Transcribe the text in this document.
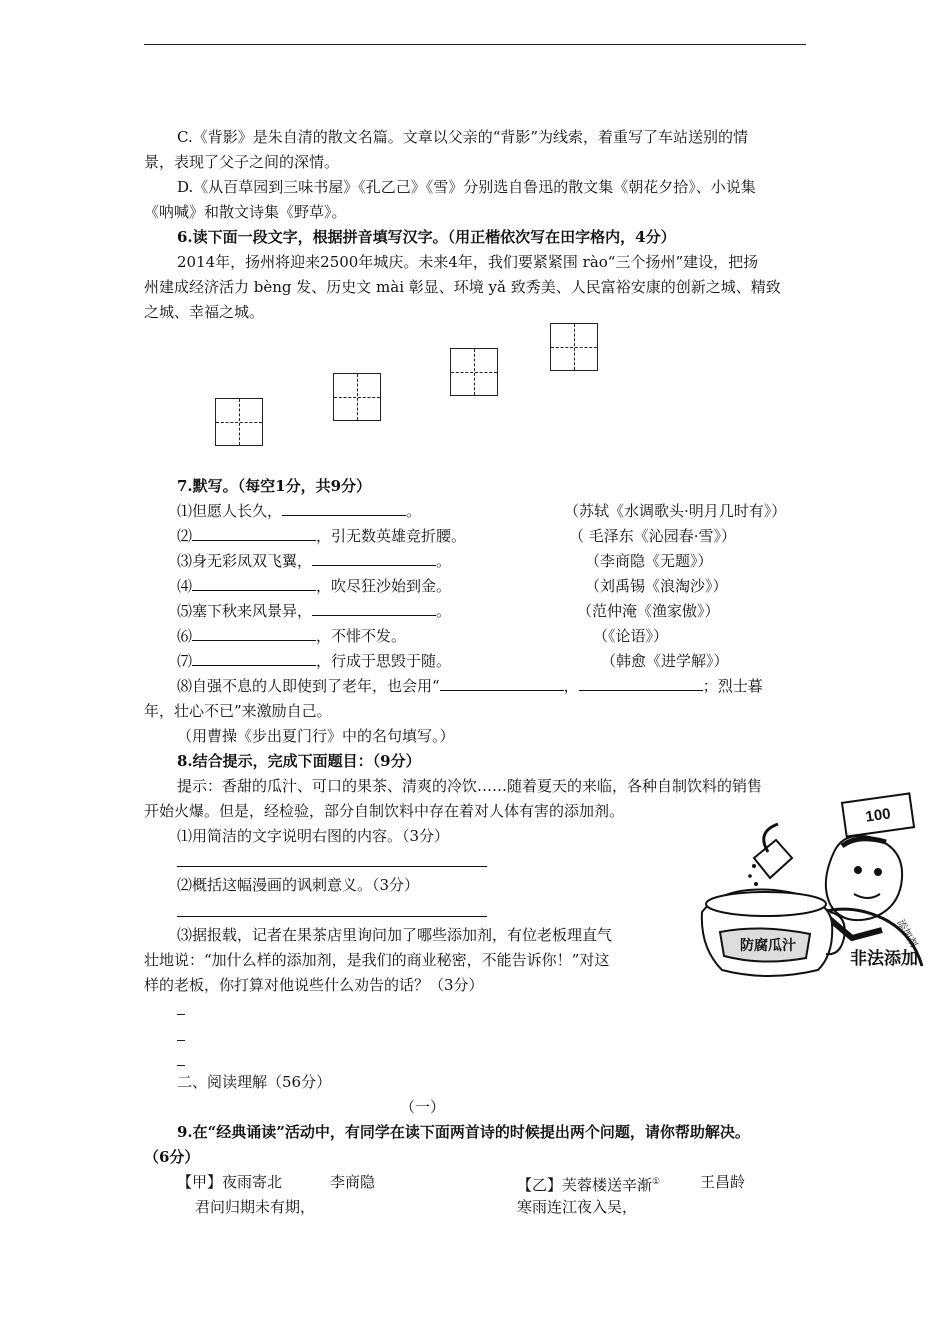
C.《背影》是朱自清的散文名篇。文章以父亲的“背影”为线索，着重写了车站送别的情
景，表现了父子之间的深情。
D.《从百草园到三味书屋》《孔乙己》《雪》分别选自鲁迅的散文集《朝花夕拾》、小说集
《呐喊》和散文诗集《野草》。
6.读下面一段文字，根据拼音填写汉字。（用正楷依次写在田字格内，4分）
2014年，扬州将迎来2500年城庆。未来4年，我们要紧紧围 rào“三个扬州”建设，把扬
州建成经济活力 bèng 发、历史文 mài 彰显、环境 yǎ 致秀美、人民富裕安康的创新之城、精致
之城、幸福之城。
7.默写。（每空1分，共9分）
⑴但愿人长久，	。	（苏轼《水调歌头·明月几时有》）
⑵	，引无数英雄竞折腰。	（ 毛泽东《沁园春·雪》）
⑶身无彩凤双飞翼，	。	（李商隐《无题》）
⑷	，吹尽狂沙始到金。	（刘禹锡《浪淘沙》）
⑸塞下秋来风景异，	。	（范仲淹《渔家傲》）
⑹	，不悱不发。	（《论语》）
⑺	，行成于思毁于随。	（韩愈《进学解》）
⑻自强不息的人即使到了老年，也会用“	，	；烈士暮
年，壮心不已”来激励自己。
（用曹操《步出夏门行》中的名句填写。）
8.结合提示，完成下面题目：（9分）
提示：香甜的瓜汁、可口的果茶、清爽的冷饮……随着夏天的来临，各种自制饮料的销售
开始火爆。但是，经检验，部分自制饮料中存在着对人体有害的添加剂。
⑴用简洁的文字说明右图的内容。（3分）
⑵概括这幅漫画的讽刺意义。（3分）
⑶据报载，记者在果茶店里询问加了哪些添加剂，有位老板理直气
壮地说：“加什么样的添加剂，是我们的商业秘密，不能告诉你！”对这
样的老板，你打算对他说些什么劝告的话？（3分）
100
防腐瓜汁	添加剂
非法添加
二、阅读理解（56分）
（一）
9.在“经典诵读”活动中，有同学在读下面两首诗的时候提出两个问题，请你帮助解决。
（6分）
【甲】夜雨寄北	李商隐
君问归期未有期，
【乙】芙蓉楼送辛渐①	王昌龄
寒雨连江夜入吴，
